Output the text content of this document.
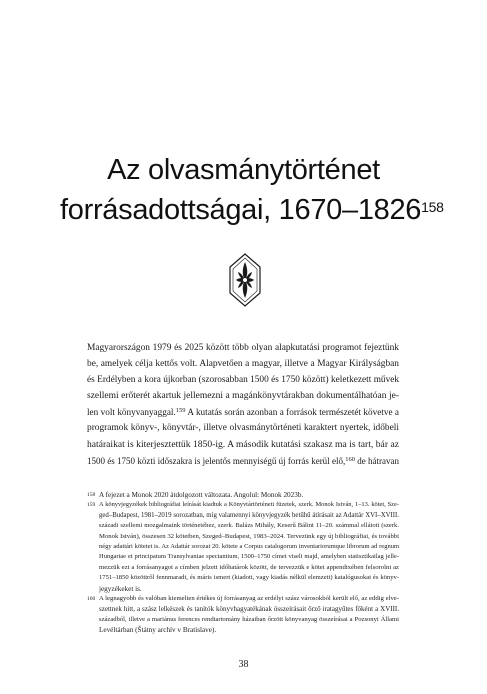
Az olvasmánytörténet
forrásadottságai, 1670–1826$^{158}$
Magyarországon 1979 és 2025 között több olyan alapkutatási programot fejeztünk
be, amelyek célja kettős volt. Alapvetően a magyar, illetve a Magyar Királyságban
és Erdélyben a kora újkorban (szorosabban 1500 és 1750 között) keletkezett művek
szellemi erőterét akartuk jellemezni a magánkönyvtárakban dokumentálhatóan je-
len volt könyvanyaggal.$^{159}$ A kutatás során azonban a források természetét követve a
programok könyv-, könyvtár-, illetve olvasmánytörténeti karaktert nyertek, időbeli
határaikat is kiterjesztettük 1850-ig. A második kutatási szakasz ma is tart, bár az
1500 és 1750 közti időszakra is jelentős mennyiségű új forrás kerül elő,$^{160}$ de hátravan
158 A fejezet a Monok 2020 átdolgozott változata. Angolul: Monok 2023b.
159 A könyvjegyzékek bibliográfiai leírását kiadtuk a Könyvtártörténeti füzetek, szerk. Monok István, 1–13. kötet, Sze-
ged–Budapest, 1981–2019 sorozatban, míg valamennyi könyvjegyzék betűhű átírásait az Adattár XVI–XVIII.
századi szellemi mozgalmaink történetéhez, szerk. Balázs Mihály, Keserű Bálint 11–20. számmal ellátott (szerk.
Monok István), összesen 32 kötetben, Szeged–Budapest, 1983–2024. Tervezünk egy új bibliográfiai, és további
négy adattári kötetet is. Az Adattár sorozat 20. kötete a Corpus catalogorum inventariorumque librorum ad regnum
Hungariae et principatum Transylvaniae spectantium, 1500–1750 címet viseli majd, amelyben statisztikailag jelle-
mezzük ezt a forrásanyagot a címben jelzett időhatárok között, de tervezzük e kötet appendixében felsorolni az
1751–1850 közöttről fennmaradt, és máris ismert (kiadott, vagy kiadás nélkül elemzett) katalógusokat és könyv-
jegyzékeket is.
160 A legnagyobb és valóban kiemelten értékes új forrásanyag az erdélyi szász városokból került elő, az eddig elve-
szettnek hitt, a szász lelkészek és tanítók könyvhagyatékának összeírásait őrző iratagyűtes főként a XVIII.
századból, illetve a mariánus ferences rendtartomány házaiban őrzött könyvanyag összeírásai a Pozsonyi Állami
Levéltárban (Štátny archív v Bratislave).
38
